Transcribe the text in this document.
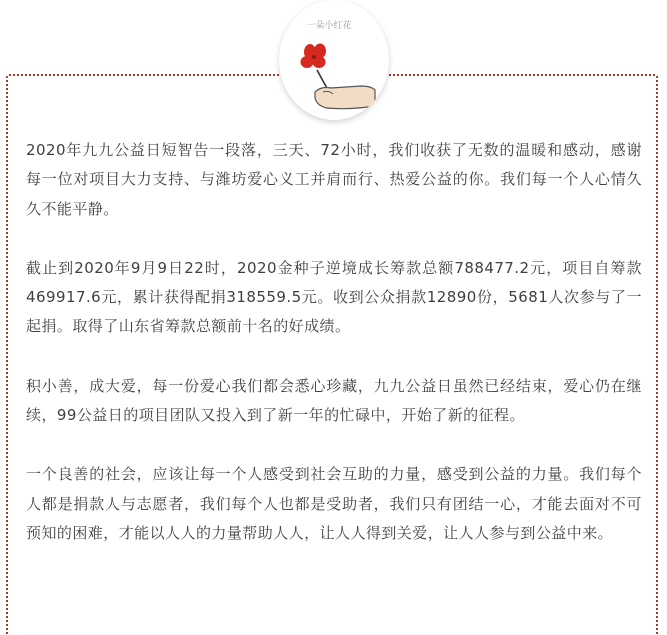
一朵小红花

2020年九九公益日短智告一段落，三天、72小时，我们收获了无数的温暖和感动，感谢每一位对项目大力支持、与潍坊爱心义工并肩而行、热爱公益的你。我们每一个人心情久久不能平静。

截止到2020年9月9日22时，2020金种子逆境成长筹款总额788477.2元，项目自筹款469917.6元，累计获得配捐318559.5元。收到公众捐款12890份，5681人次参与了一起捐。取得了山东省筹款总额前十名的好成绩。

积小善，成大爱，每一份爱心我们都会悉心珍藏，九九公益日虽然已经结束，爱心仍在继续，99公益日的项目团队又投入到了新一年的忙碌中，开始了新的征程。

一个良善的社会，应该让每一个人感受到社会互助的力量，感受到公益的力量。我们每个人都是捐款人与志愿者，我们每个人也都是受助者，我们只有团结一心，才能去面对不可预知的困难，才能以人人的力量帮助人人，让人人得到关爱，让人人参与到公益中来。
